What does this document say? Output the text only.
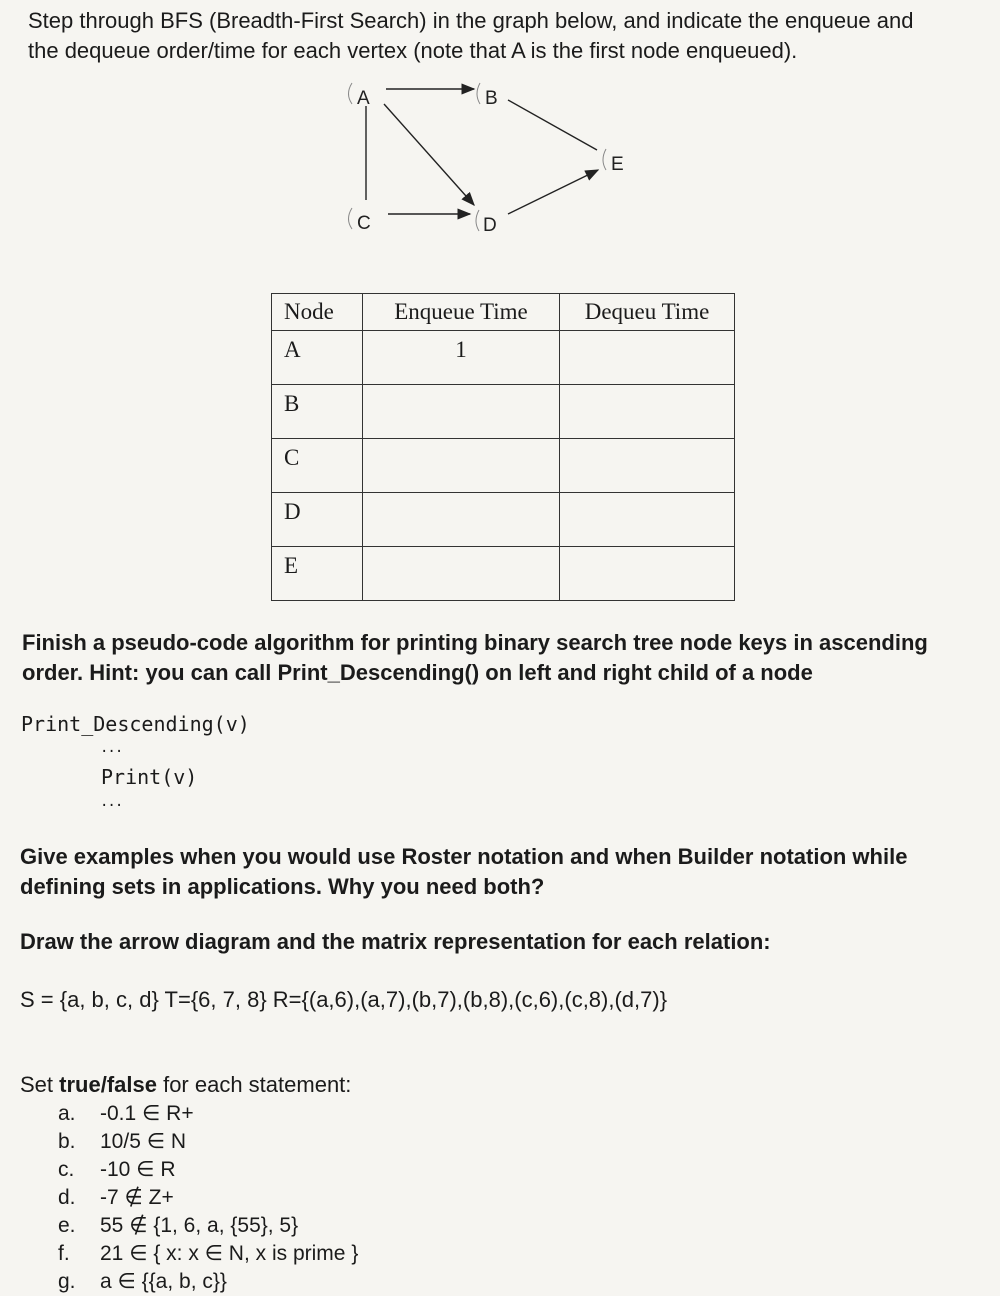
Step through BFS (Breadth-First Search) in the graph below, and indicate the enqueue and
the dequeue order/time for each vertex (note that A is the first node enqueued).
A	B
C	D
E
Node	Enqueue Time	Dequeu Time

A	1	

B		

C		

D		

E		

Finish a pseudo-code algorithm for printing binary search tree node keys in ascending
order. Hint: you can call Print_Descending() on left and right child of a node
Print_Descending(v)
...
Print(v)
...
Give examples when you would use Roster notation and when Builder notation while
defining sets in applications. Why you need both?
Draw the arrow diagram and the matrix representation for each relation:
S = {a, b, c, d} T={6, 7, 8} R={(a,6),(a,7),(b,7),(b,8),(c,6),(c,8),(d,7)}
Set true/false for each statement:
a. -0.1 ∈ R+
b. 10/5 ∈ N
c. -10 ∈ R
d. -7 ∉ Z+
e. 55 ∉ {1, 6, a, {55}, 5}
f. 21 ∈ { x: x ∈ N, x is prime }
g. a ∈ {{a, b, c}}
